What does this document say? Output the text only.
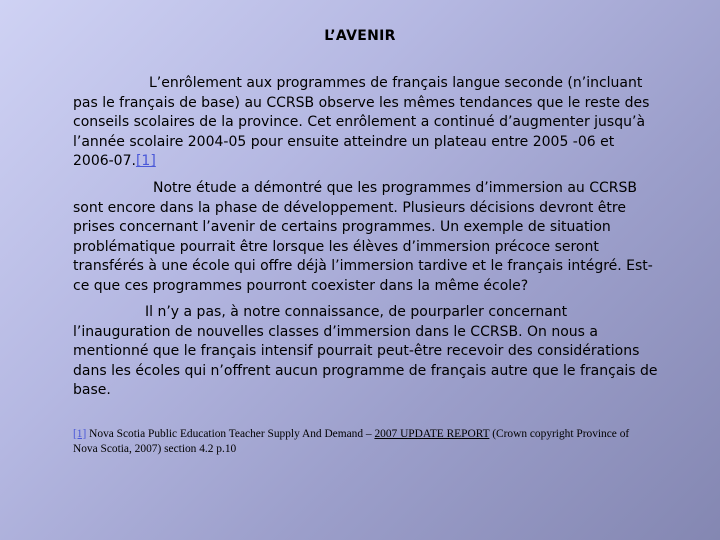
L’AVENIR

L’enrôlement aux programmes de français langue seconde (n’incluant pas le français de base) au CCRSB observe les mêmes tendances que le reste des conseils scolaires de la province. Cet enrôlement a continué d’augmenter jusqu’à l’année scolaire 2004-05 pour ensuite atteindre un plateau entre 2005 -06 et 2006-07.[1]

Notre étude a démontré que les programmes d’immersion au CCRSB sont encore dans la phase de développement. Plusieurs décisions devront être prises concernant l’avenir de certains programmes. Un exemple de situation problématique pourrait être lorsque les élèves d’immersion précoce seront transférés à une école qui offre déjà l’immersion tardive et le français intégré. Est-ce que ces programmes pourront coexister dans la même école?

Il n’y a pas, à notre connaissance, de pourparler concernant l’inauguration de nouvelles classes d’immersion dans le CCRSB. On nous a mentionné que le français intensif pourrait peut-être recevoir des considérations dans les écoles qui n’offrent aucun programme de français autre que le français de base.

[1] Nova Scotia Public Education Teacher Supply And Demand – 2007 UPDATE REPORT (Crown copyright Province of Nova Scotia, 2007) section 4.2 p.10
